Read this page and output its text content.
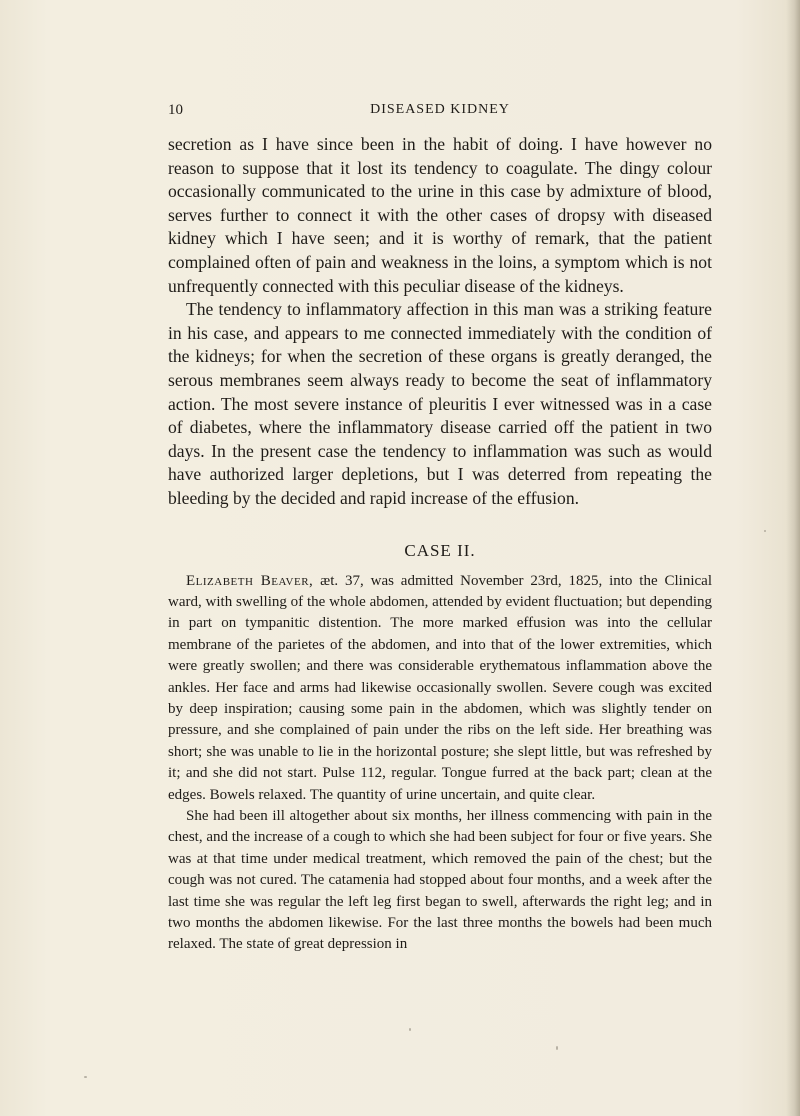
10	DISEASED KIDNEY

secretion as I have since been in the habit of doing. I have however no reason to suppose that it lost its tendency to coagulate. The dingy colour occasionally communicated to the urine in this case by admixture of blood, serves further to connect it with the other cases of dropsy with diseased kidney which I have seen; and it is worthy of remark, that the patient complained often of pain and weakness in the loins, a symptom which is not unfrequently connected with this peculiar disease of the kidneys.

The tendency to inflammatory affection in this man was a striking feature in his case, and appears to me connected immediately with the condition of the kidneys; for when the secretion of these organs is greatly deranged, the serous membranes seem always ready to become the seat of inflammatory action. The most severe instance of pleuritis I ever witnessed was in a case of diabetes, where the inflammatory disease carried off the patient in two days. In the present case the tendency to inflammation was such as would have authorized larger depletions, but I was deterred from repeating the bleeding by the decided and rapid increase of the effusion.

CASE II.

Elizabeth Beaver, æt. 37, was admitted November 23rd, 1825, into the Clinical ward, with swelling of the whole abdomen, attended by evident fluctuation; but depending in part on tympanitic distention. The more marked effusion was into the cellular membrane of the parietes of the abdomen, and into that of the lower extremities, which were greatly swollen; and there was considerable erythematous inflammation above the ankles. Her face and arms had likewise occasionally swollen. Severe cough was excited by deep inspiration; causing some pain in the abdomen, which was slightly tender on pressure, and she complained of pain under the ribs on the left side. Her breathing was short; she was unable to lie in the horizontal posture; she slept little, but was refreshed by it; and she did not start. Pulse 112, regular. Tongue furred at the back part; clean at the edges. Bowels relaxed. The quantity of urine uncertain, and quite clear.

She had been ill altogether about six months, her illness commencing with pain in the chest, and the increase of a cough to which she had been subject for four or five years. She was at that time under medical treatment, which removed the pain of the chest; but the cough was not cured. The catamenia had stopped about four months, and a week after the last time she was regular the left leg first began to swell, afterwards the right leg; and in two months the abdomen likewise. For the last three months the bowels had been much relaxed. The state of great depression in
